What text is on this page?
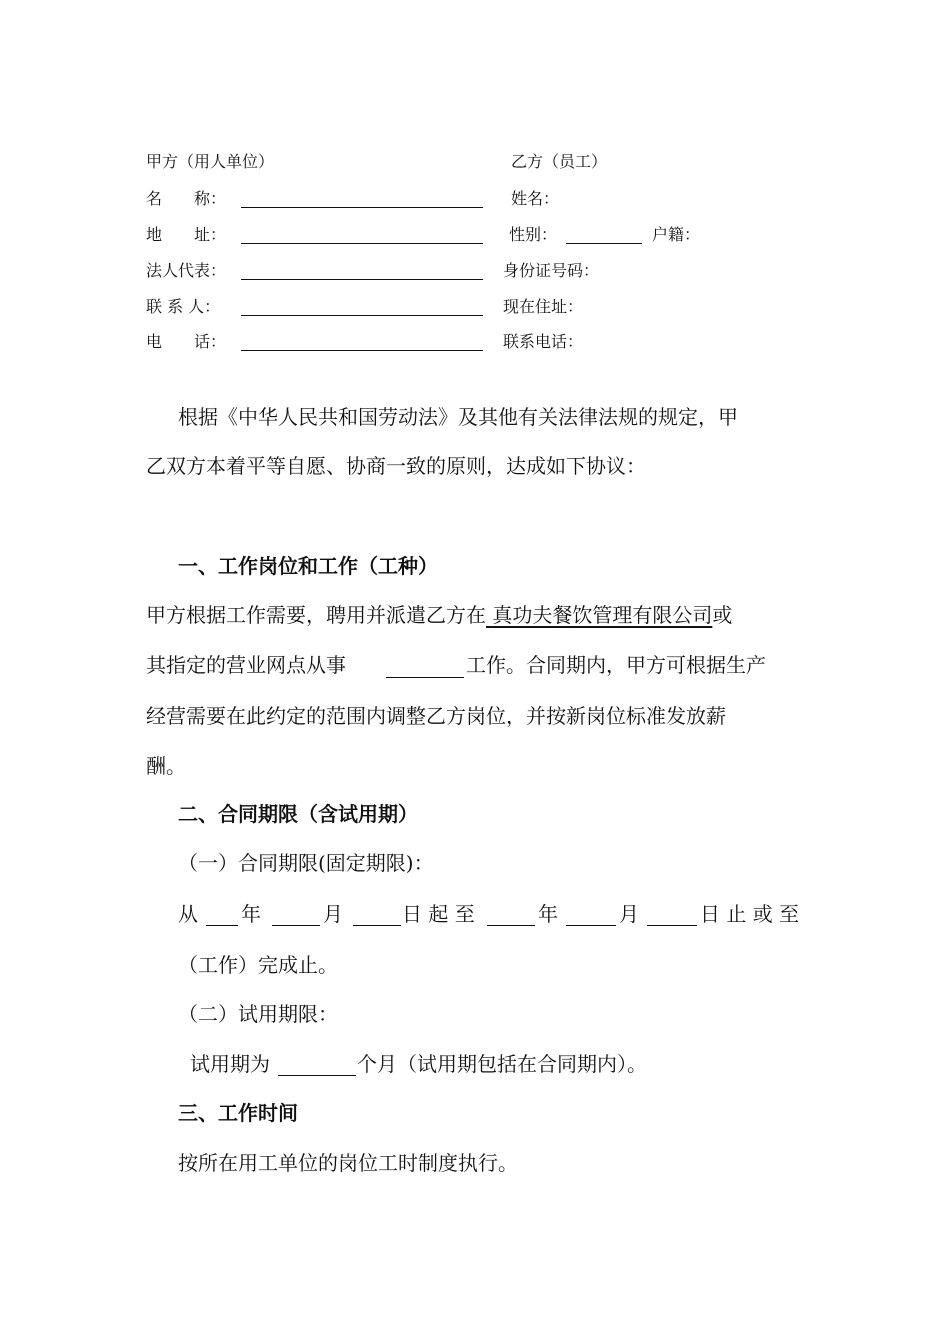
甲方（用人单位）	乙方（员工）
名　　称：	姓名：
地　　址：	性别：	户籍：
法人代表：	身份证号码：
联 系 人：	现在住址：
电　　话：	联系电话：
根据《中华人民共和国劳动法》及其他有关法律法规的规定，甲
乙双方本着平等自愿、协商一致的原则，达成如下协议：
一、工作岗位和工作（工种）
甲方根据工作需要，聘用并派遣乙方在 真功夫餐饮管理有限公司或
其指定的营业网点从事	工作。合同期内，甲方可根据生产
经营需要在此约定的范围内调整乙方岗位，并按新岗位标准发放薪
酬。
二、合同期限（含试用期）
（一）合同期限(固定期限)：
从 年	月	日 起 至	年	月	日 止 或 至
（工作）完成止。
（二）试用期限：
试用期为	个月（试用期包括在合同期内）。
三、工作时间
按所在用工单位的岗位工时制度执行。
